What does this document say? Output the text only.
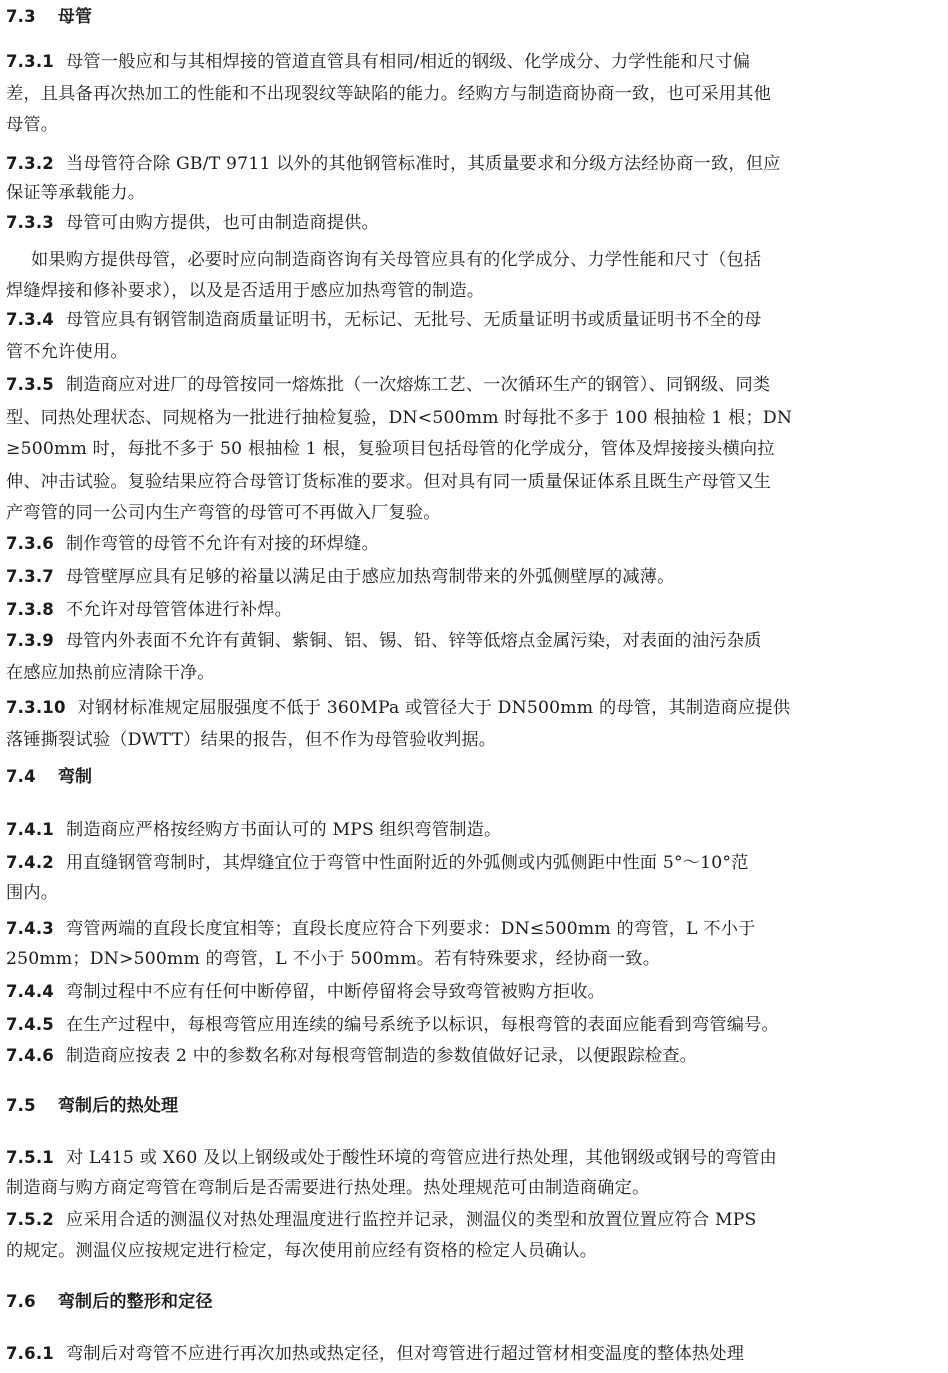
7.3 母管
7.3.1 母管一般应和与其相焊接的管道直管具有相同/相近的钢级、化学成分、力学性能和尺寸偏
差，且具备再次热加工的性能和不出现裂纹等缺陷的能力。经购方与制造商协商一致，也可采用其他
母管。
7.3.2 当母管符合除 GB/T 9711 以外的其他钢管标准时，其质量要求和分级方法经协商一致，但应
保证等承载能力。
7.3.3 母管可由购方提供，也可由制造商提供。
如果购方提供母管，必要时应向制造商咨询有关母管应具有的化学成分、力学性能和尺寸（包括
焊缝焊接和修补要求），以及是否适用于感应加热弯管的制造。
7.3.4 母管应具有钢管制造商质量证明书，无标记、无批号、无质量证明书或质量证明书不全的母
管不允许使用。
7.3.5 制造商应对进厂的母管按同一熔炼批（一次熔炼工艺、一次循环生产的钢管）、同钢级、同类
型、同热处理状态、同规格为一批进行抽检复验，DN<500mm 时每批不多于 100 根抽检 1 根；DN
≥500mm 时，每批不多于 50 根抽检 1 根，复验项目包括母管的化学成分，管体及焊接接头横向拉
伸、冲击试验。复验结果应符合母管订货标准的要求。但对具有同一质量保证体系且既生产母管又生
产弯管的同一公司内生产弯管的母管可不再做入厂复验。
7.3.6 制作弯管的母管不允许有对接的环焊缝。
7.3.7 母管壁厚应具有足够的裕量以满足由于感应加热弯制带来的外弧侧壁厚的减薄。
7.3.8 不允许对母管管体进行补焊。
7.3.9 母管内外表面不允许有黄铜、紫铜、铝、锡、铅、锌等低熔点金属污染，对表面的油污杂质
在感应加热前应清除干净。
7.3.10 对钢材标准规定屈服强度不低于 360MPa 或管径大于 DN500mm 的母管，其制造商应提供
落锤撕裂试验（DWTT）结果的报告，但不作为母管验收判据。
7.4 弯制
7.4.1 制造商应严格按经购方书面认可的 MPS 组织弯管制造。
7.4.2 用直缝钢管弯制时，其焊缝宜位于弯管中性面附近的外弧侧或内弧侧距中性面 5°～10°范
围内。
7.4.3 弯管两端的直段长度宜相等；直段长度应符合下列要求：DN≤500mm 的弯管，L 不小于
250mm；DN>500mm 的弯管，L 不小于 500mm。若有特殊要求，经协商一致。
7.4.4 弯制过程中不应有任何中断停留，中断停留将会导致弯管被购方拒收。
7.4.5 在生产过程中，每根弯管应用连续的编号系统予以标识，每根弯管的表面应能看到弯管编号。
7.4.6 制造商应按表 2 中的参数名称对每根弯管制造的参数值做好记录，以便跟踪检查。
7.5 弯制后的热处理
7.5.1 对 L415 或 X60 及以上钢级或处于酸性环境的弯管应进行热处理，其他钢级或钢号的弯管由
制造商与购方商定弯管在弯制后是否需要进行热处理。热处理规范可由制造商确定。
7.5.2 应采用合适的测温仪对热处理温度进行监控并记录，测温仪的类型和放置位置应符合 MPS
的规定。测温仪应按规定进行检定，每次使用前应经有资格的检定人员确认。
7.6 弯制后的整形和定径
7.6.1 弯制后对弯管不应进行再次加热或热定径，但对弯管进行超过管材相变温度的整体热处理
